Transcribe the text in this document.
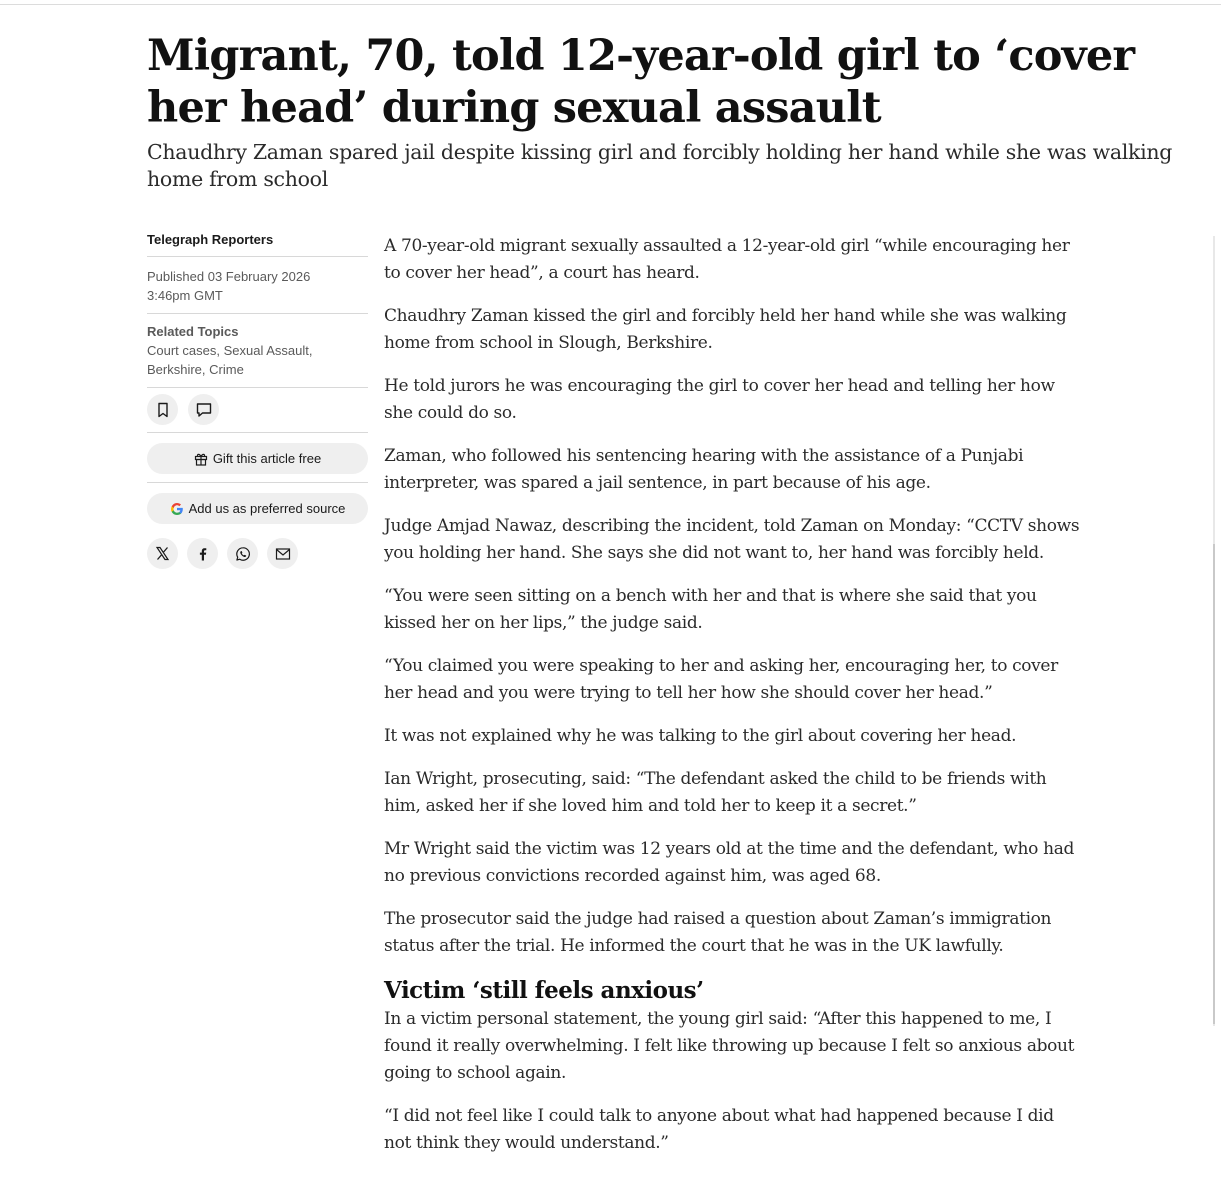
Migrant, 70, told 12-year-old girl to ‘cover her head’ during sexual assault

Chaudhry Zaman spared jail despite kissing girl and forcibly holding her hand while she was walking home from school

Telegraph Reporters
Published 03 February 2026
3:46pm GMT
Related Topics
Court cases, Sexual Assault, Berkshire, Crime
Gift this article free
Add us as preferred source

A 70-year-old migrant sexually assaulted a 12-year-old girl “while encouraging her to cover her head”, a court has heard.

Chaudhry Zaman kissed the girl and forcibly held her hand while she was walking home from school in Slough, Berkshire.

He told jurors he was encouraging the girl to cover her head and telling her how she could do so.

Zaman, who followed his sentencing hearing with the assistance of a Punjabi interpreter, was spared a jail sentence, in part because of his age.

Judge Amjad Nawaz, describing the incident, told Zaman on Monday: “CCTV shows you holding her hand. She says she did not want to, her hand was forcibly held.

“You were seen sitting on a bench with her and that is where she said that you kissed her on her lips,” the judge said.

“You claimed you were speaking to her and asking her, encouraging her, to cover her head and you were trying to tell her how she should cover her head.”

It was not explained why he was talking to the girl about covering her head.

Ian Wright, prosecuting, said: “The defendant asked the child to be friends with him, asked her if she loved him and told her to keep it a secret.”

Mr Wright said the victim was 12 years old at the time and the defendant, who had no previous convictions recorded against him, was aged 68.

The prosecutor said the judge had raised a question about Zaman’s immigration status after the trial. He informed the court that he was in the UK lawfully.

Victim ‘still feels anxious’

In a victim personal statement, the young girl said: “After this happened to me, I found it really overwhelming. I felt like throwing up because I felt so anxious about going to school again.

“I did not feel like I could talk to anyone about what had happened because I did not think they would understand.”
